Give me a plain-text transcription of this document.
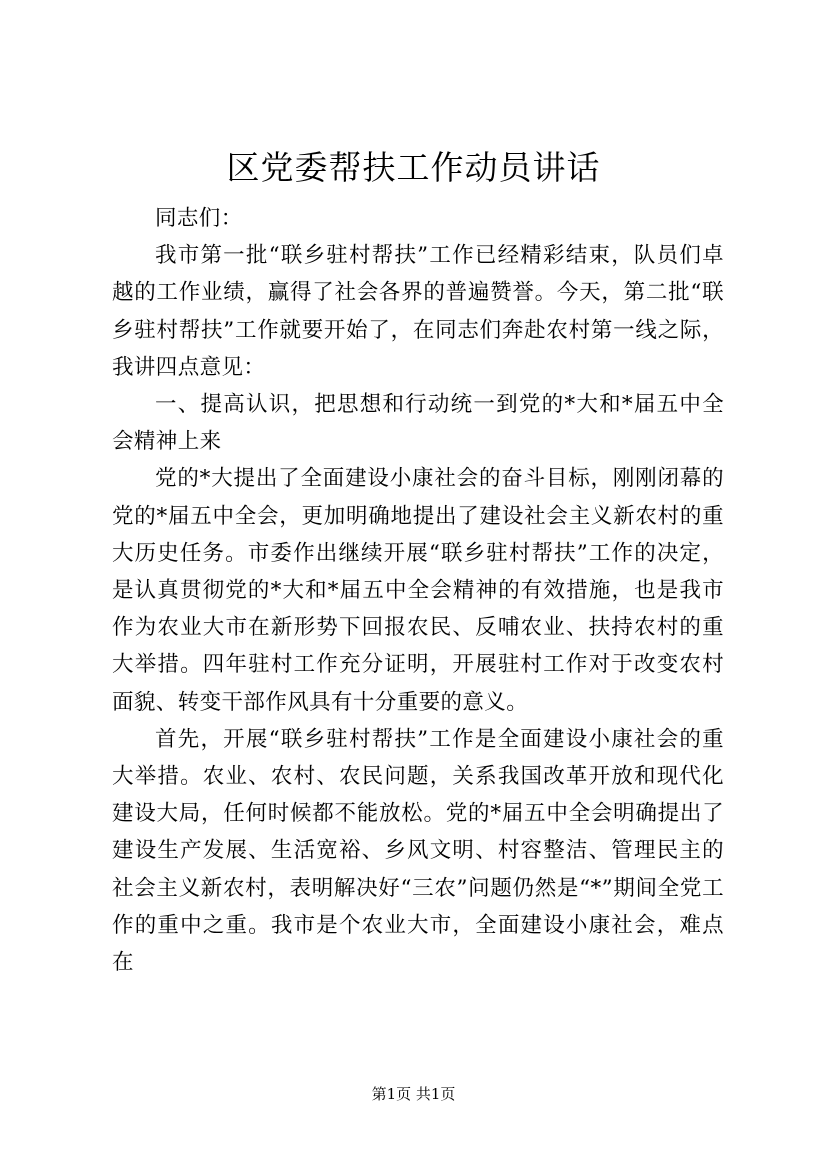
区党委帮扶工作动员讲话

同志们：

我市第一批“联乡驻村帮扶”工作已经精彩结束，队员们卓越的工作业绩，赢得了社会各界的普遍赞誉。今天，第二批“联乡驻村帮扶”工作就要开始了，在同志们奔赴农村第一线之际，我讲四点意见：

一、提高认识，把思想和行动统一到党的*大和*届五中全会精神上来

党的*大提出了全面建设小康社会的奋斗目标，刚刚闭幕的党的*届五中全会，更加明确地提出了建设社会主义新农村的重大历史任务。市委作出继续开展“联乡驻村帮扶”工作的决定，是认真贯彻党的*大和*届五中全会精神的有效措施，也是我市作为农业大市在新形势下回报农民、反哺农业、扶持农村的重大举措。四年驻村工作充分证明，开展驻村工作对于改变农村面貌、转变干部作风具有十分重要的意义。

首先，开展“联乡驻村帮扶”工作是全面建设小康社会的重大举措。农业、农村、农民问题，关系我国改革开放和现代化建设大局，任何时候都不能放松。党的*届五中全会明确提出了建设生产发展、生活宽裕、乡风文明、村容整洁、管理民主的社会主义新农村，表明解决好“三农”问题仍然是“*”期间全党工作的重中之重。我市是个农业大市，全面建设小康社会，难点在

第1页 共1页
